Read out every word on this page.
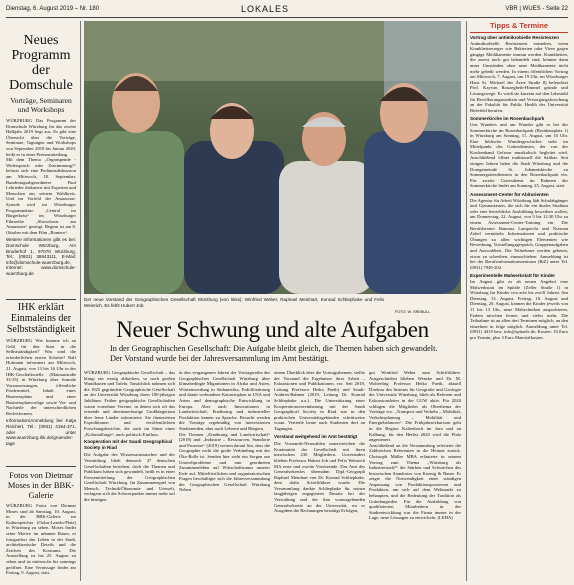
Dienstag, 6. August 2019 – Nr. 180	LOKALES	VBR | WUES - Seite 22
Neues Programm der Domschule
Vorträge, Seminaren und Workshops

WÜRZBURG Das Programm der Domschule Würzburg für das zweite Halbjahr 2019 liegt aus. Es gibt eine Übersicht über die Vorträge, Seminare, Tagungen und Workshops von September 2019 bis Januar 2020, heißt es in einer Pressemitteilung.

Mit dem Thema „Organspende - Widerspruch oder Zustimmung?“ befasst sich eine Podiumsdiskussion am Mittwoch, 18. September. Bundestagsabgeordneter Paul Lehrieder diskutiert mit Experten und Menschen aus seinem Wahlkreis. Und im Vorfeld der Amazonas-Synode wird im Würzburger Programmkino „Central im Bürgerbräu“ im Würzburger Filmreihe „Showdown am Amazonas“ gezeigt. Beginn ist am 8. Oktober mit dem Film „Romero“.

Weitere Informationen gibt es bei: Domschule Würzburg, Am Bruderhof 1, 97070 Würzburg, Tel.: (0931) 38643111, E-Mail: info@domschule-wuerzburg.de, Internet: www.domschule-wuerzburg.de

IHK erklärt Einmaleins der Selbstständigkeit

WÜRZBURG Wie komme ich an Geld für den Start in die Selbstständigkeit? Was sind die erforderlichen ersten Schritte? Ralf Hofmann informiert am Mittwoch, 21. August, von 13 bis 16 Uhr in der IHK-Geschäftsstelle (Mainaustraße 33-35) in Würzburg über formale Voraussetzungen, öffentliche Fördermittel, Inhalt eines Businessplans und einer Businessplanvorlage sowie Vor- und Nachteile der unterschiedlichen Rechtsformen.

Information/Anmeldung bei Katja Reichert, Tel.: (0931) 4194-371, oder unter www.wuerzburg.ihk.de/gruender-tage

Fotos von Dietmar Moses in der BBK-Galerie

WÜRZBURG Fotos von Dietmar Moses sind ab Samstag, 10. August, in der BBK-Galerie im Kulturspeicher (Oskar-Laredo-Platz) in Würzburg zu sehen. Moses findet seine Motive im urbanen Raum, er fotografiert das Leben in der Stadt, architektonische Details und die Zeichen des Konsums. Die Ausstellung ist bis 25. August zu sehen und ist mittwochs bis sonntags geöffnet. Eine Vernissage findet am Freitag, 9. August, statt.

Der neue Vorstand der Geographischen Gesellschaft Würzburg (von links): Winfried Weber, Raphael Meinhart, Konrad Schliephake und Felix Weinrich. Es fehlt Hubert Job.

FOTO: W. SREBULL
Neuer Schwung und alte Aufgaben

In der Geographischen Gesellschaft: Die Aufgabe bleibt gleich, die Themen haben sich gewandelt. Der Vorstand wurde bei der Jahresversammlung im Amt bestätigt.

WÜRZBURG Geographische Gesellschaft – das klingt ein wenig altbacken, so nach großen Wandkarten und Tafeln. Tatsächlich nahmen sich die 1925 gegründete Geographische Gesellschaft an der Universität Würzburg ihren 100-jährigen Jubiläum. Früher geographische Gesellschaften waren vornehme Vereine, in denen sich oft das reisende und abenteuerlustige Großbürgertum über ferne Länder informierte. Sie finanzierten Expeditionen und veröffentlichten Forschungsberichte, die auch im Sinne eines „Kolonialfrage“, auch politisch Einfluss.

Kooperation mit der Saudi Geographical Society in Riad

Die Aufgabe des Wissensaustausches und der Vermittlung blieb dennoch 37 deutschen Gesellschaften bestehen, doch die Themen und Publikum haben sich gewandelt, heißt es in einer Pressemitteilung der Geographischen Gesellschaft Würzburg. Im Zusammenspiel von Mensch, Technik/Ökonomie und Umwelt, verlagern sich die Schwerpunkte immer mehr auf die heutigen

in den vergangenen Jahren der Vortragsreihe der Geographischen Gesellschaft Würzburg über klimabedingte Migrationen in Afrika und Asien, Wüstenwerdung in Südamerika, Erdölförderung und damit verbundene Katastrophen in USA und Asien und demographische Entwicklung in Europa. Aber auch Innovationen in Landwirtschaft, Ernährung und industrieller Produktion kamen zu Sprache. Besucht werden die Vorträge regelmäßig von interessierten Studierenden, aber auch Lehrern und Bürgern.

Die Themen „Ernährung und Landwirtschaft“ (2018) und „Industrie – Ressourcen, Standorte und Prozesse“ (2019) weisen darauf hin, dass die Geographie nicht die große Verbindung mit der Öko-Rolle ist. Senden hier sieht ein Sorgen um Umweltprobleme und nun geordneten Zusammenleben auf Wirtschaftsraum unserer Erde auf. Mittelfristlichen und organisatorischen Fragen beschäftigte sich die Jahresversammlung der Geographischen Gesellschaft Würzburg Neben

einem Überblick über die Vortragsthemen, stellte der Vorstand die Ergebnisse ihrer Arbeit – Exkursionen und Publikationen, vor. Seit 2018, Leitung Professor Heiko Paeth) und Saudi-Arabien-Bahnen (2019, Leitung Dr. Konrad Schliephake u.a.). Die Unterstützung einer Kooperationsvereinbarung mit der Saudi Geographical Society in Riad war in den praktischen Universitätsgebäuden schrittweise voran. Vertiefte heute auch Studenten dort an Tagungen.

Vorstand weitgehend im Amt bestätigt

Die Vorstands-Neuwahlen unterstreichen die Kontinuität der Gesellschaft mit ihren inzwischen 230 Mitgliedern. Unverändert blieben Professor Hubert Job und Felix Weinrich MA erste und zweite Vorsitzende. Das Amt des Generalsekretärs übernahm Dipl.-Geograph Raphael Meinhart von Dr. Konrad Schliephake, dem dafür Schriftführer wurde. Die Versammlung dankte Schliephake für seinen langjährigen engagierten Einsatz bei der Verwaltung und der ihm vorausgehenden Generalsekretär an der Universität, wo er Ausgaben die Rechnungen bestätigt Erfolgen,

gut Winfried Weber zum Schriftführer. Ausgeschieden blieben Wenske und Dr. M. Wolterling Professor Heiko Paeth, aktuell Direktor des Instituts für Geografie und Geologie der Universität Würzburg, blieb als Referent und Exkursionsleiter in der GGW aktiv. Für 2020 schlügen die Mitglieder als Oberthema der Vorträge vor: „Transport und Verkehr – Mobilität, Verkehrsplanung – Mobilität und Energiebalancen“. Die Frühjahrsexkursion geht in die Region Kaltenbach im Jura und an Kalbung, für den Herbst 2020 wird die Pfalz angesteuert.

Anschließend an die Versammlung referierte die Zahlreichen Referenten in die Heimat zurück. Christoph Müller MBA erläuterte in seinem Vortrag zum Thema „Würzburg als Industriestadt?“ die Stärken und Schwächen des historischen Standortes von Koenig & Bauer. Er zeigte die Notwendigkeit einer ständigen Anpassung von Produktionsprozessen und Produkten, um sich auf dem Weltmarkt zu behaupten, und die Bedeutung der Tradition als Gründungsidee. Für die Ausbildung von qualifizierten Mitarbeitern in der Stadtentwicklung war die Firma immer in der Lage, neue Lösungen zu entwickeln. (LEHA)

Tipps & Termine
Vortrag über antimikrobielle Resistenzen

Antimikrobielle Resistenzen entstehen, wenn Krankheitserreger wie Bakterien oder Viren gegen gängige Medikamente immun werden. Krankheiten, die zuerst noch gut behandelt sind, können dann unter Umständen ohne neue Medikamente nicht mehr geheilt werden. In einem öffentlichen Vortrag am Mittwoch, 7. August, um 19 Uhr, im Würzburger Haus St. Michael der Ärzte Straße 8) beleuchtet Prof. Kayvan Rouzegheib-Himmel gründe und Lösungswege. Er wirdt sie kurzem auf den Lehrstuhl für Bevölkerungsmedizin und Versorgungsforschung an der Fakultät für Public Health der Universität Bielefeld berufen.

Sommerkirche im Rosenbachpark

Uns Wunders und am Wunder gibt es bei der Sommerkirche im Rosenbachpark (Residenzplatz 1) in Würzburg am Sonntag, 11. August, um 10 Uhr. Eine biblische Wundergeschichte steht im Mittelpunkt des Gottesdienstes, der von der Kirchenband Gefrorn musikalisch begleitet wird. Anschließend öffnet traditionell die Saftbar. Seit einigen Jahren laden die Stadt Würzburg und die Domgemeinde St. Johanniskirche zu Sommergottesdiensten in den Rosenbachpark ein. Für zweite Gottesdienst im Rahmen der Sommerkirche findet am Sonntag, 25. August, statt.

Assessment-Center für Abiturienten

Die Agentur für Arbeit Würzburg lädt Schulabgänger und Gymnasiasten, die sich für ein duales Studium oder eine betriebliche Ausbildung bewerben wollen, am Donnerstag, 22. August, von 9 bis 12.30 Uhr zu einem Assessment-Center-Training ein. Die Berufsberater Ramona Lamprecht und Norman Zobel vermitteln Informationen und praktische Übungen zu allen wichtigen Elementen wie Bewerbung, Vorstellungsgespräch, Gruppenaufgaben und Auswahltest. Die Teilnehmer werden gebeten, etwas zu schreiben, einzuschieben. Anmeldung ist bei der Berufsinformationszentrum (BiZ) unter Tel. (0931) 7949-202.

Experimentelle Malwerkstatt für Kinder

Im August gibt es ab neuen Angebot eine Malwerkstatt im Spitäle (Zeller Straße 1) in Würzburg für Kinder von acht bis zwölf Jahren. Am Dienstag, 13. August, Freitag, 16. August und Dienstag, 20. August, können die Kinder jeweils von 11 bis 13 Uhr, neue Maltechniken ausprobieren, Farben mischen lernen und vieles mehr. Die Teilnahme ist an allen drei Terminen möglich, an den einzelnen in folge möglich. Anmeldung unter Tel. (0931) 4419 bzw. info@spitaele.de, Kosten: 10 Euro pro Termin, plus 3 Euro Materialkosten.
